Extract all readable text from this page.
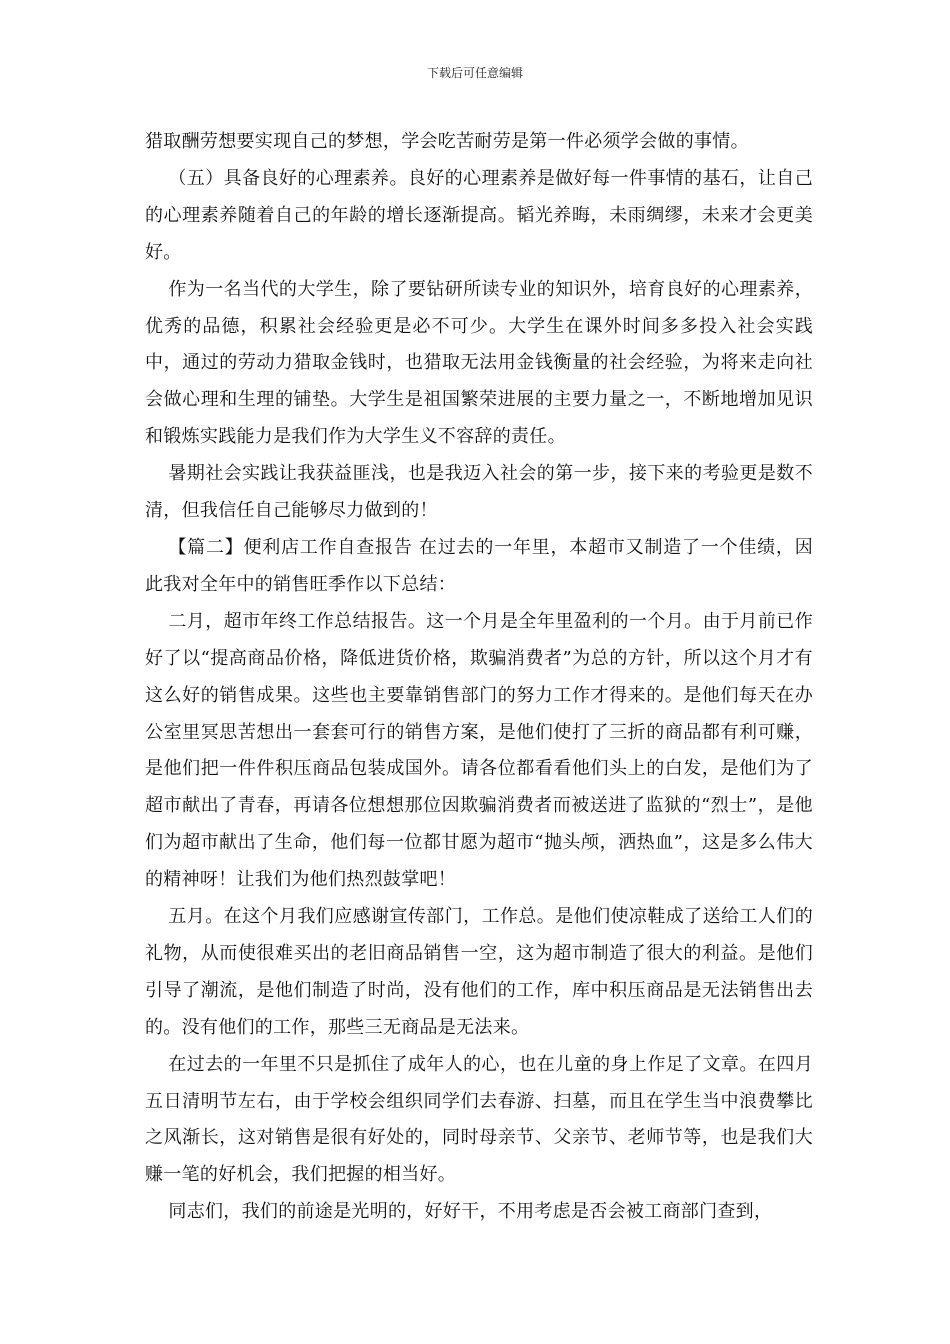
下载后可任意编辑

猎取酬劳想要实现自己的梦想，学会吃苦耐劳是第一件必须学会做的事情。

（五）具备良好的心理素养。良好的心理素养是做好每一件事情的基石，让自己的心理素养随着自己的年龄的增长逐渐提高。韬光养晦，未雨绸缪，未来才会更美好。

作为一名当代的大学生，除了要钻研所读专业的知识外，培育良好的心理素养，优秀的品德，积累社会经验更是必不可少。大学生在课外时间多多投入社会实践中，通过的劳动力猎取金钱时，也猎取无法用金钱衡量的社会经验，为将来走向社会做心理和生理的铺垫。大学生是祖国繁荣进展的主要力量之一，不断地增加见识和锻炼实践能力是我们作为大学生义不容辞的责任。

暑期社会实践让我获益匪浅，也是我迈入社会的第一步，接下来的考验更是数不清，但我信任自己能够尽力做到的！

【篇二】便利店工作自查报告 在过去的一年里，本超市又制造了一个佳绩，因此我对全年中的销售旺季作以下总结：

二月，超市年终工作总结报告。这一个月是全年里盈利的一个月。由于月前已作好了以“提高商品价格，降低进货价格，欺骗消费者”为总的方针，所以这个月才有这么好的销售成果。这些也主要靠销售部门的努力工作才得来的。是他们每天在办公室里冥思苦想出一套套可行的销售方案，是他们使打了三折的商品都有利可赚，是他们把一件件积压商品包装成国外。请各位都看看他们头上的白发，是他们为了超市献出了青春，再请各位想想那位因欺骗消费者而被送进了监狱的“烈士”，是他们为超市献出了生命，他们每一位都甘愿为超市“抛头颅，洒热血”，这是多么伟大的精神呀！让我们为他们热烈鼓掌吧！

五月。在这个月我们应感谢宣传部门，工作总。是他们使凉鞋成了送给工人们的礼物，从而使很难买出的老旧商品销售一空，这为超市制造了很大的利益。是他们引导了潮流，是他们制造了时尚，没有他们的工作，库中积压商品是无法销售出去的。没有他们的工作，那些三无商品是无法来。

在过去的一年里不只是抓住了成年人的心，也在儿童的身上作足了文章。在四月五日清明节左右，由于学校会组织同学们去春游、扫墓，而且在学生当中浪费攀比之风渐长，这对销售是很有好处的，同时母亲节、父亲节、老师节等，也是我们大赚一笔的好机会，我们把握的相当好。

同志们，我们的前途是光明的，好好干，不用考虑是否会被工商部门查到，
